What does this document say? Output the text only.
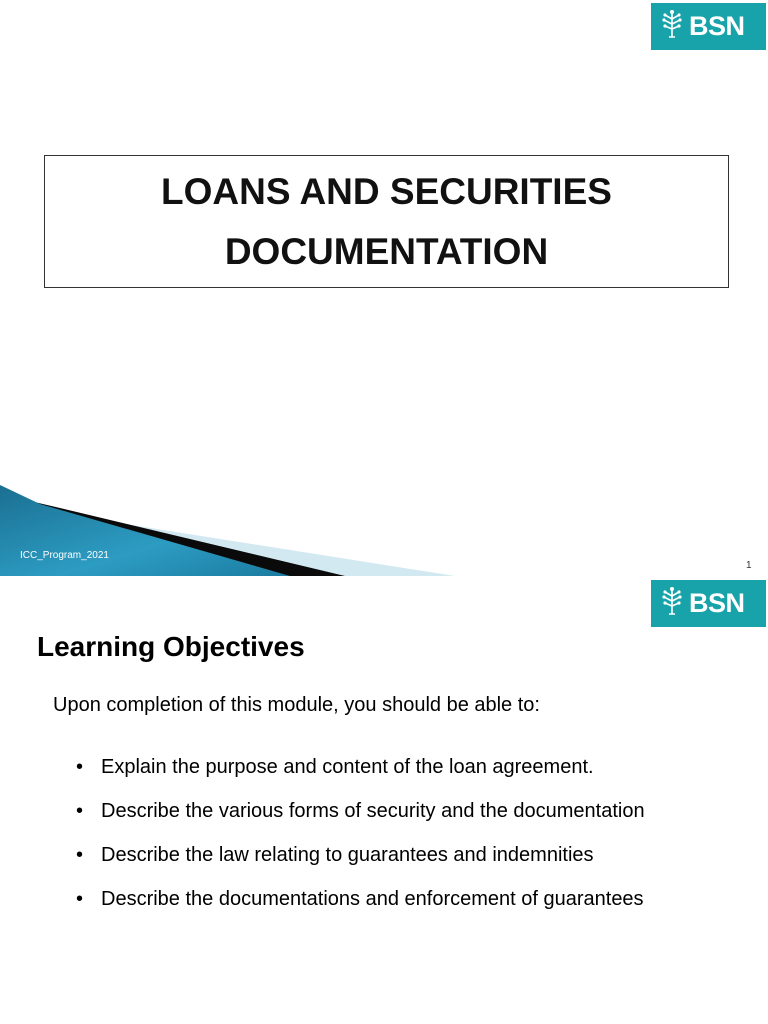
BSN
LOANS AND SECURITIES
DOCUMENTATION
ICC_Program_2021
1
BSN
Learning Objectives
Upon completion of this module, you should be able to:
• Explain the purpose and content of the loan agreement.
• Describe the various forms of security and the documentation
• Describe the law relating to guarantees and indemnities
• Describe the documentations and enforcement of guarantees
